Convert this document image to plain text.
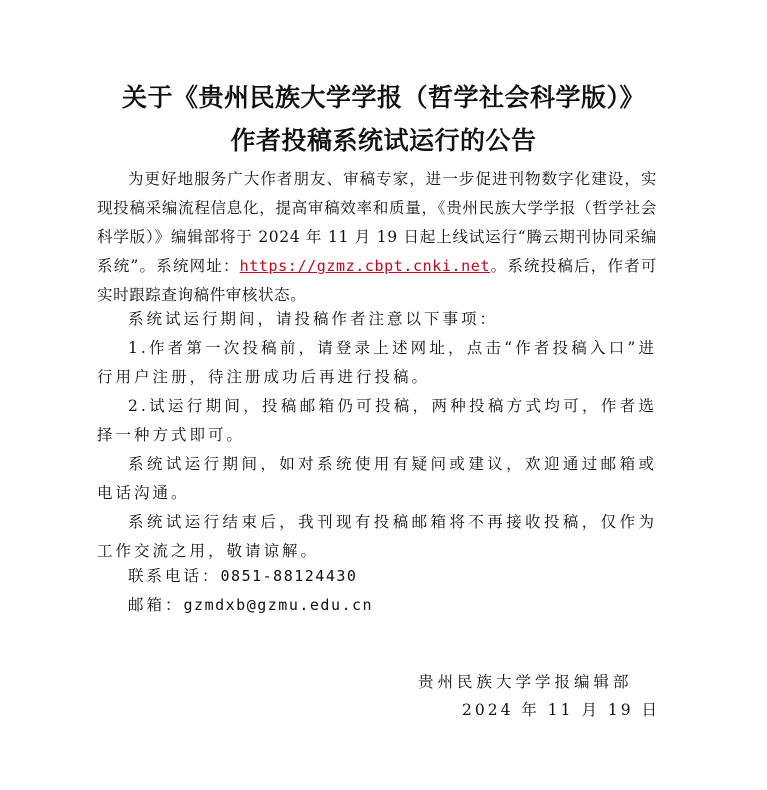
关于《贵州民族大学学报（哲学社会科学版）》
作者投稿系统试运行的公告
为更好地服务广大作者朋友、审稿专家，进一步促进刊物数字化建设，实现投稿采编流程信息化，提高审稿效率和质量，《贵州民族大学学报（哲学社会科学版）》编辑部将于 2024 年 11 月 19 日起上线试运行“腾云期刊协同采编系统”。系统网址：https://gzmz.cbpt.cnki.net。系统投稿后，作者可实时跟踪查询稿件审核状态。
系统试运行期间，请投稿作者注意以下事项：
1.作者第一次投稿前，请登录上述网址，点击“作者投稿入口”进行用户注册，待注册成功后再进行投稿。
2.试运行期间，投稿邮箱仍可投稿，两种投稿方式均可，作者选择一种方式即可。
系统试运行期间，如对系统使用有疑问或建议，欢迎通过邮箱或电话沟通。
系统试运行结束后，我刊现有投稿邮箱将不再接收投稿，仅作为工作交流之用，敬请谅解。
联系电话：0851-88124430
邮箱：gzmdxb@gzmu.edu.cn
贵州民族大学学报编辑部
2024 年 11 月 19 日
